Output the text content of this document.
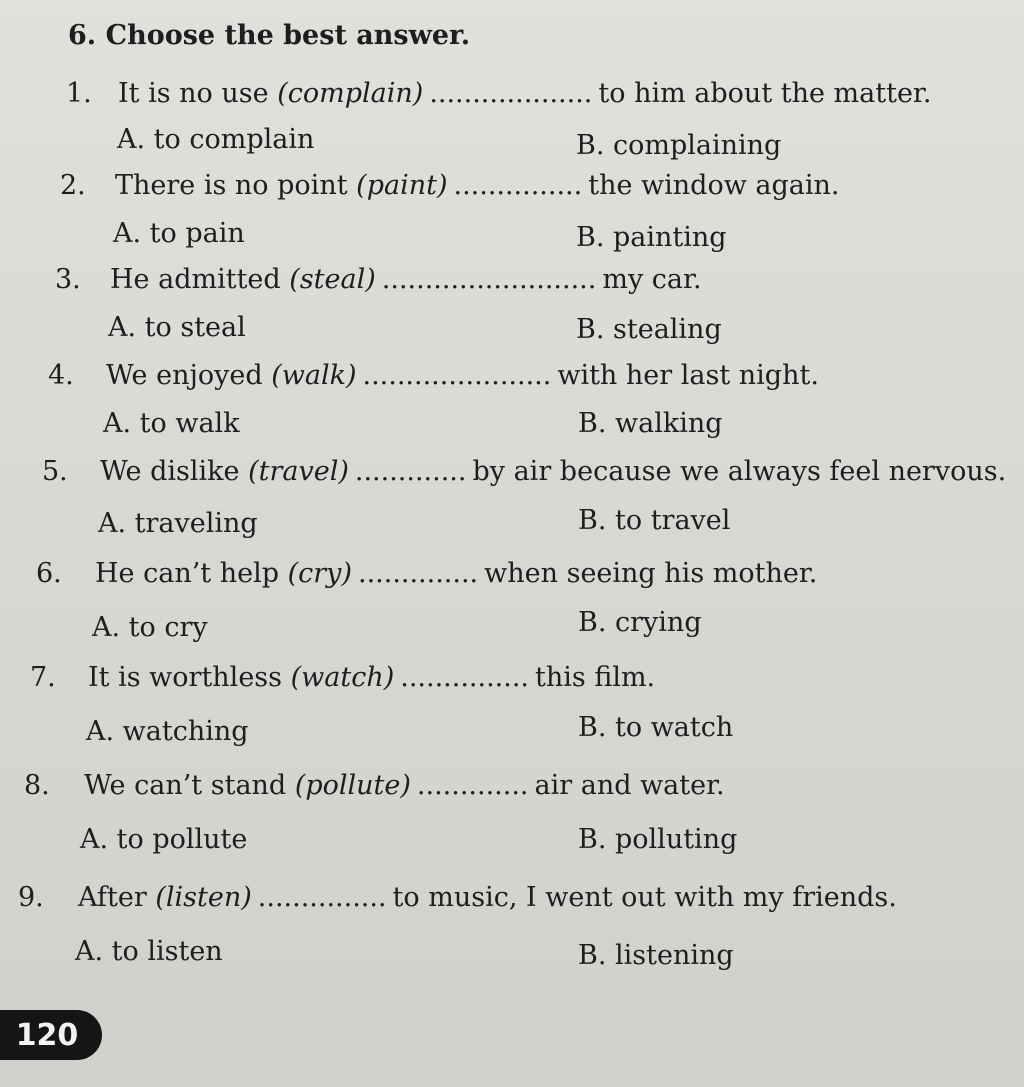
6. Choose the best answer.
1. It is no use
(complain) ................... to him about the matter.
A. to complain	B. complaining
2. There is no point
(paint) ............... the window again.
A. to pain	B. painting
3. He admitted
(steal) ......................... my car.
A. to steal	B. stealing
4. We enjoyed
(walk) ...................... with her last night.
A. to walk	B. walking
5. We dislike
(travel) ............. by air because we always feel nervous.
A. traveling	B. to travel
6. He can’t help
(cry) .............. when seeing his mother.
A. to cry	B. crying
7. It is worthless
(watch) ............... this film.
A. watching	B. to watch
8. We can’t stand
(pollute) ............. air and water.
A. to pollute	B. polluting
9. After
(listen) ............... to music, I went out with my friends.
A. to listen	B. listening
120
